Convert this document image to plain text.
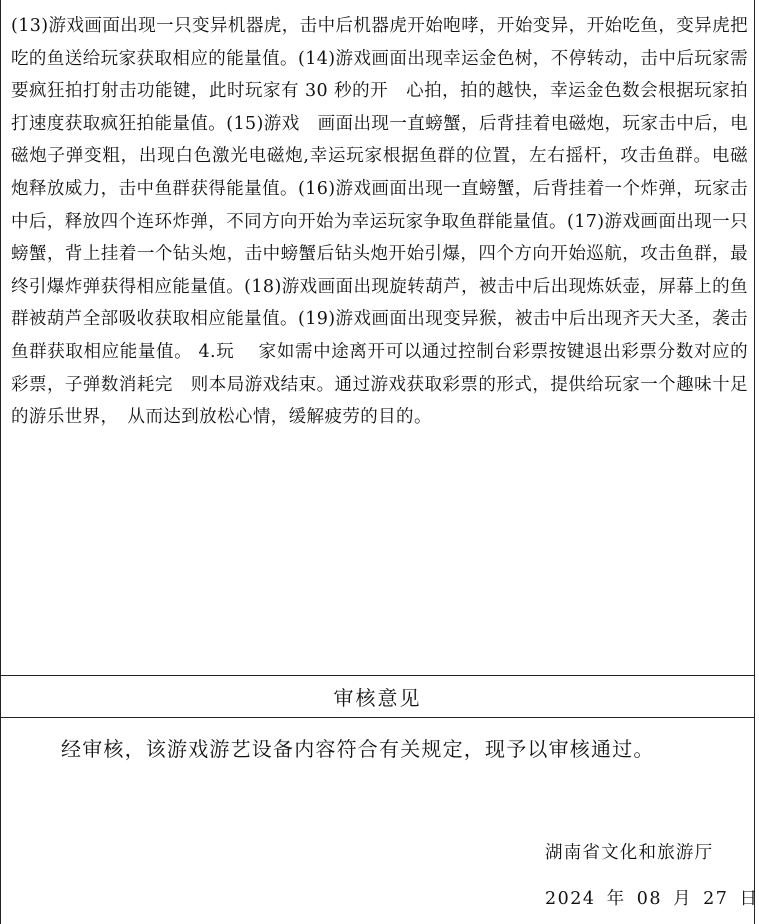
(13)游戏画面出现一只变异机器虎，击中后机器虎开始咆哮，开始变异，开始吃鱼，变异虎把吃的鱼送给玩家获取相应的能量值。(14)游戏画面出现幸运金色树，不停转动，击中后玩家需要疯狂拍打射击功能键，此时玩家有 30 秒的开　心拍，拍的越快，幸运金色数会根据玩家拍打速度获取疯狂拍能量值。(15)游戏　画面出现一直螃蟹，后背挂着电磁炮，玩家击中后，电磁炮子弹变粗，出现白色激光电磁炮,幸运玩家根据鱼群的位置，左右摇杆，攻击鱼群。电磁炮释放威力，击中鱼群获得能量值。(16)游戏画面出现一直螃蟹，后背挂着一个炸弹，玩家击中后，释放四个连环炸弹，不同方向开始为幸运玩家争取鱼群能量值。(17)游戏画面出现一只螃蟹，背上挂着一个钻头炮，击中螃蟹后钻头炮开始引爆，四个方向开始巡航，攻击鱼群，最终引爆炸弹获得相应能量值。(18)游戏画面出现旋转葫芦，被击中后出现炼妖壶，屏幕上的鱼群被葫芦全部吸收获取相应能量值。(19)游戏画面出现变异猴，被击中后出现齐天大圣，袭击鱼群获取相应能量值。 4.玩　 家如需中途离开可以通过控制台彩票按键退出彩票分数对应的彩票，子弹数消耗完　则本局游戏结束。通过游戏获取彩票的形式，提供给玩家一个趣味十足的游乐世界，　从而达到放松心情，缓解疲劳的目的。

审核意见
经审核，该游戏游艺设备内容符合有关规定，现予以审核通过。
湖南省文化和旅游厅
2024 年 08 月 27 日
